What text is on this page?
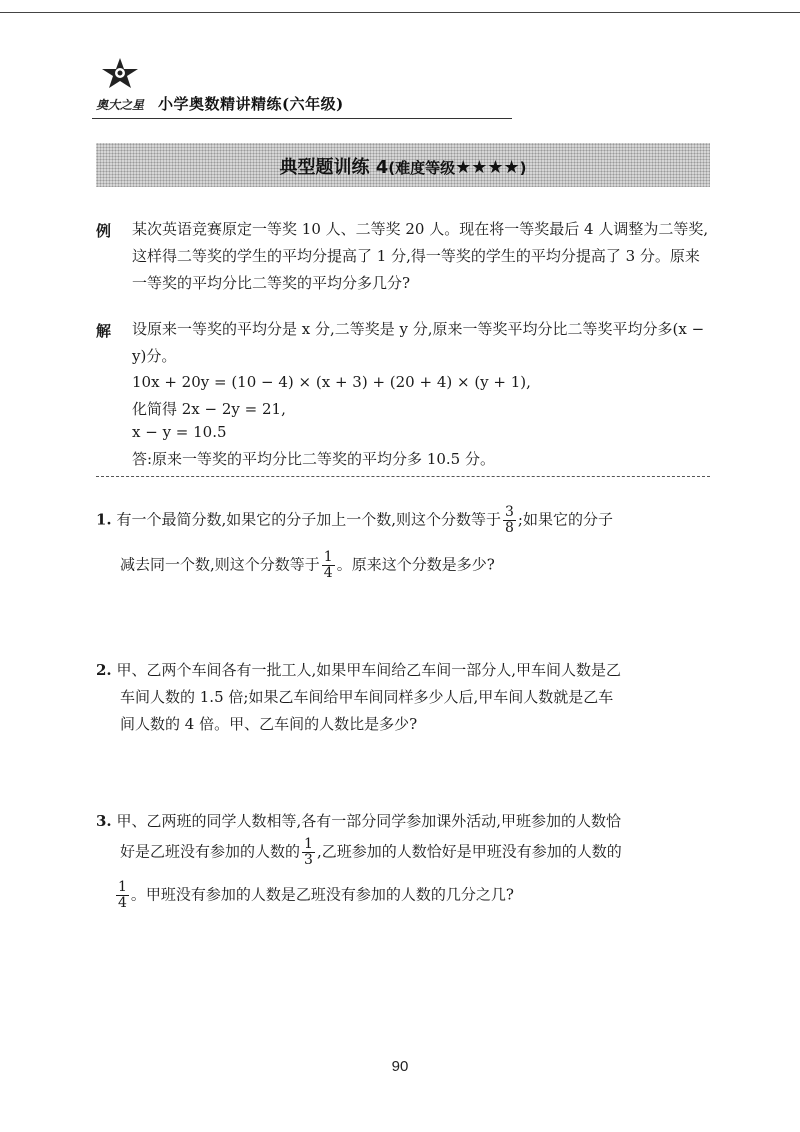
奥大之星 小学奥数精讲精练(六年级)
典型题训练 4(难度等级★★★★)
例 某次英语竞赛原定一等奖 10 人、二等奖 20 人。现在将一等奖最后 4 人调整为二等奖,这样得二等奖的学生的平均分提高了 1 分,得一等奖的学生的平均分提高了 3 分。原来一等奖的平均分比二等奖的平均分多几分?
解 设原来一等奖的平均分是 x 分,二等奖是 y 分,原来一等奖平均分比二等奖平均分多(x − y)分。
10x + 20y = (10 − 4) × (x + 3) + (20 + 4) × (y + 1),
化简得 2x − 2y = 21,
x − y = 10.5
答:原来一等奖的平均分比二等奖的平均分多 10.5 分。
1. 有一个最简分数,如果它的分子加上一个数,则这个分数等于 $\frac{3}{8}$ ;如果它的分子
减去同一个数,则这个分数等于 $\frac{1}{4}$ 。原来这个分数是多少?
2. 甲、乙两个车间各有一批工人,如果甲车间给乙车间一部分人,甲车间人数是乙
车间人数的 1.5 倍;如果乙车间给甲车间同样多少人后,甲车间人数就是乙车
间人数的 4 倍。甲、乙车间的人数比是多少?
3. 甲、乙两班的同学人数相等,各有一部分同学参加课外活动,甲班参加的人数恰
好是乙班没有参加的人数的 $\frac{1}{3}$ ,乙班参加的人数恰好是甲班没有参加的人数的
$\frac{1}{4}$ 。甲班没有参加的人数是乙班没有参加的人数的几分之几?
90
